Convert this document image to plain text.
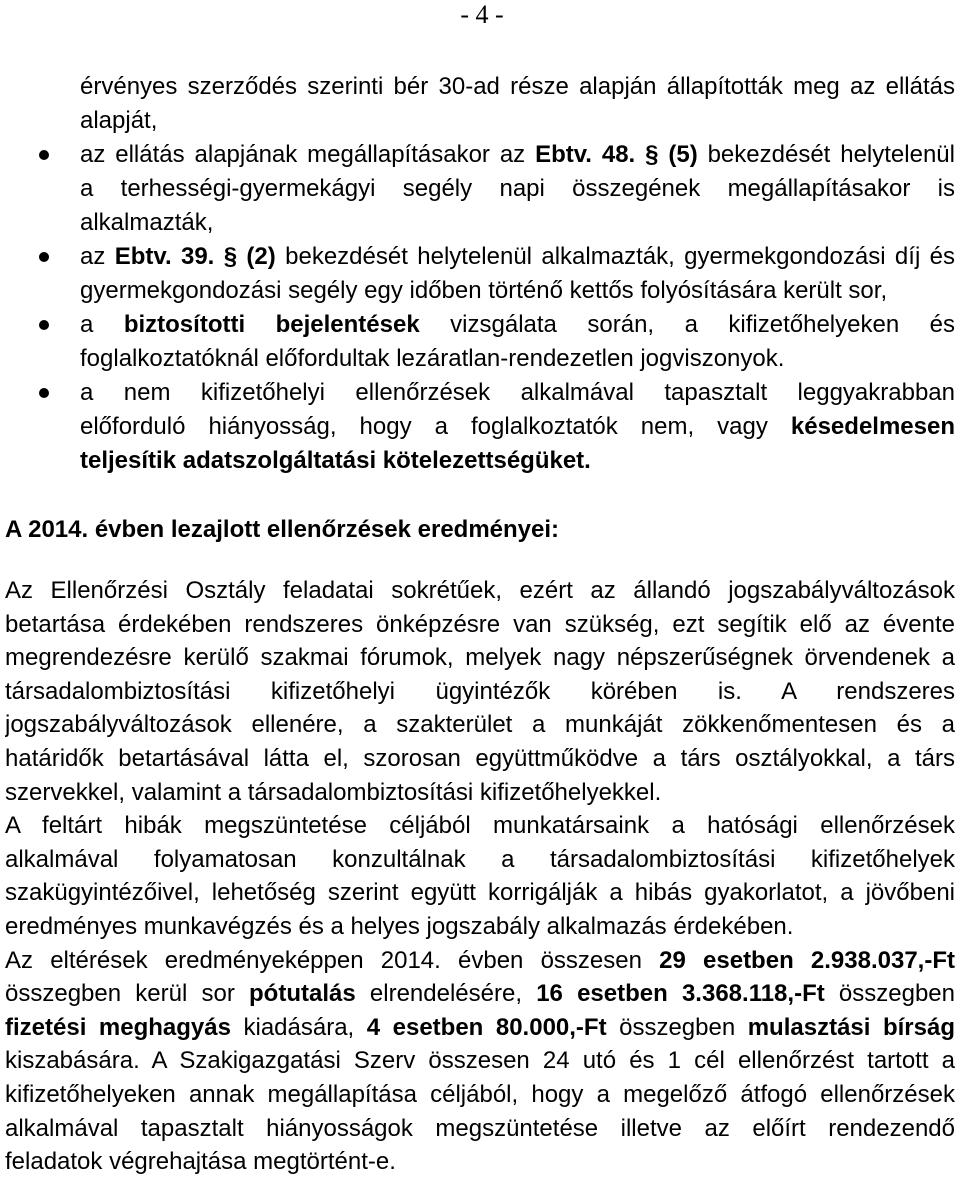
- 4 -
érvényes szerződés szerinti bér 30-ad része alapján állapították meg az ellátás
alapját,
az ellátás alapjának megállapításakor az Ebtv. 48. § (5) bekezdését helytelenül
a terhességi-gyermekágyi segély napi összegének megállapításakor is
alkalmazták,
az Ebtv. 39. § (2) bekezdését helytelenül alkalmazták, gyermekgondozási díj és
gyermekgondozási segély egy időben történő kettős folyósítására került sor,
a biztosítotti bejelentések vizsgálata során, a kifizetőhelyeken és
foglalkoztatóknál előfordultak lezáratlan-rendezetlen jogviszonyok.
a nem kifizetőhelyi ellenőrzések alkalmával tapasztalt leggyakrabban
előforduló hiányosság, hogy a foglalkoztatók nem, vagy késedelmesen
teljesítik adatszolgáltatási kötelezettségüket.
A 2014. évben lezajlott ellenőrzések eredményei:
Az Ellenőrzési Osztály feladatai sokrétűek, ezért az állandó jogszabályváltozások
betartása érdekében rendszeres önképzésre van szükség, ezt segítik elő az évente
megrendezésre kerülő szakmai fórumok, melyek nagy népszerűségnek örvendenek a
társadalombiztosítási kifizetőhelyi ügyintézők körében is. A rendszeres
jogszabályváltozások ellenére, a szakterület a munkáját zökkenőmentesen és a
határidők betartásával látta el, szorosan együttműködve a társ osztályokkal, a társ
szervekkel, valamint a társadalombiztosítási kifizetőhelyekkel.
A feltárt hibák megszüntetése céljából munkatársaink a hatósági ellenőrzések
alkalmával folyamatosan konzultálnak a társadalombiztosítási kifizetőhelyek
szakügyintézőivel, lehetőség szerint együtt korrigálják a hibás gyakorlatot, a jövőbeni
eredményes munkavégzés és a helyes jogszabály alkalmazás érdekében.
Az eltérések eredményeképpen 2014. évben összesen 29 esetben 2.938.037,-Ft
összegben kerül sor pótutalás elrendelésére, 16 esetben 3.368.118,-Ft összegben
fizetési meghagyás kiadására, 4 esetben 80.000,-Ft összegben mulasztási bírság
kiszabására. A Szakigazgatási Szerv összesen 24 utó és 1 cél ellenőrzést tartott a
kifizetőhelyeken annak megállapítása céljából, hogy a megelőző átfogó ellenőrzések
alkalmával tapasztalt hiányosságok megszüntetése illetve az előírt rendezendő
feladatok végrehajtása megtörtént-e.
